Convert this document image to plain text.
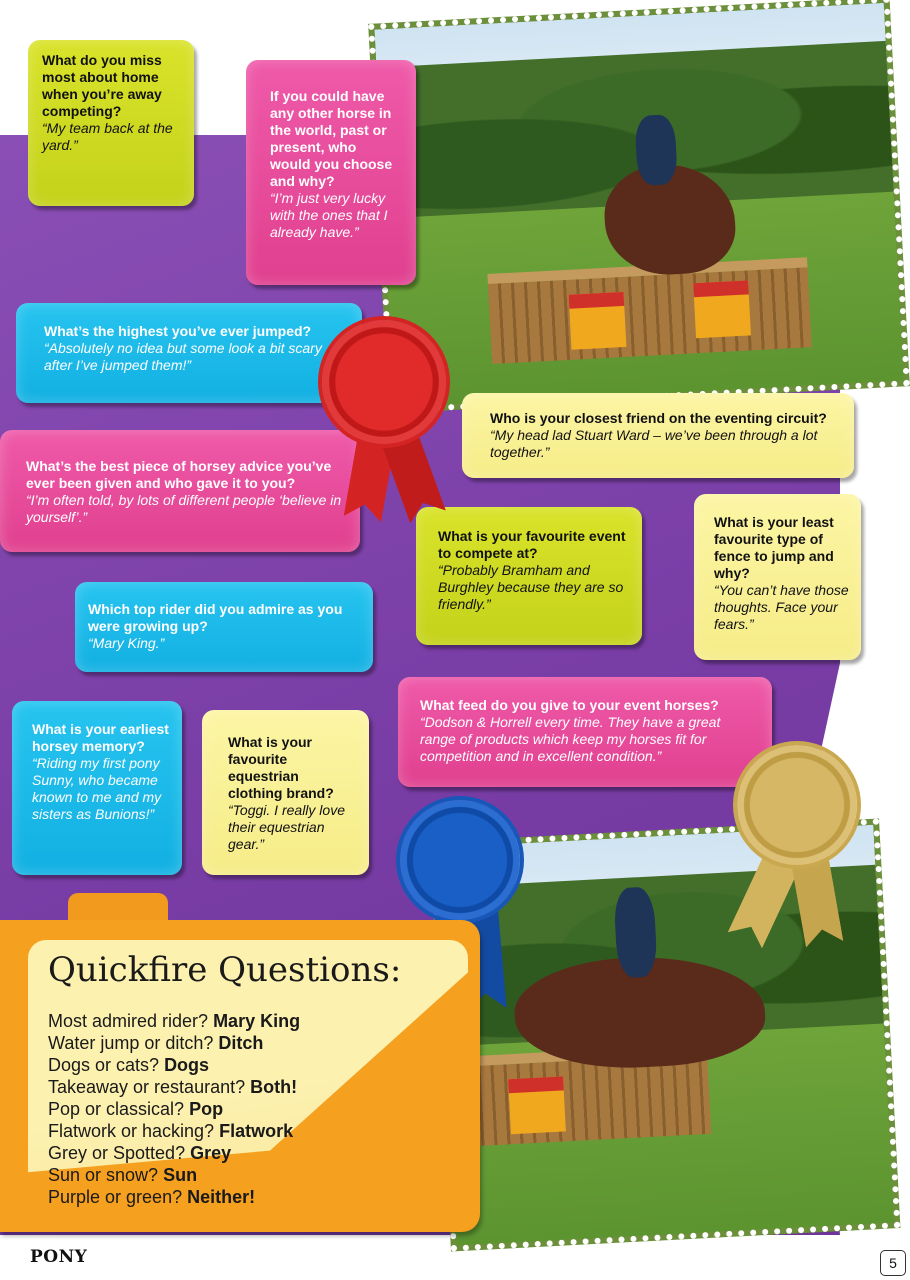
What do you miss most about home when you’re away competing?
“My team back at the yard.”
If you could have any other horse in the world, past or present, who would you choose and why?
“I’m just very lucky with the ones that I already have.”
What’s the highest you’ve ever jumped?
“Absolutely no idea but some look a bit scary after I’ve jumped them!”
Who is your closest friend on the eventing circuit?
“My head lad Stuart Ward – we’ve been through a lot together.”
What’s the best piece of horsey advice you’ve ever been given and who gave it to you?
“I’m often told, by lots of different people ‘believe in yourself’.”
What is your favourite event to compete at?
“Probably Bramham and Burghley because they are so friendly.”
What is your least favourite type of fence to jump and why?
“You can’t have those thoughts. Face your fears.”
Which top rider did you admire as you were growing up?
“Mary King.”
What feed do you give to your event horses?
“Dodson & Horrell every time. They have a great range of products which keep my horses fit for competition and in excellent condition.”
What is your earliest horsey memory?
“Riding my first pony Sunny, who became known to me and my sisters as Bunions!”
What is your favourite equestrian clothing brand?
“Toggi. I really love their equestrian gear.”
Quickfire Questions:
Most admired rider? Mary King
Water jump or ditch? Ditch
Dogs or cats? Dogs
Takeaway or restaurant? Both!
Pop or classical? Pop
Flatwork or hacking? Flatwork
Grey or Spotted? Grey
Sun or snow? Sun
Purple or green? Neither!
PONY	5
